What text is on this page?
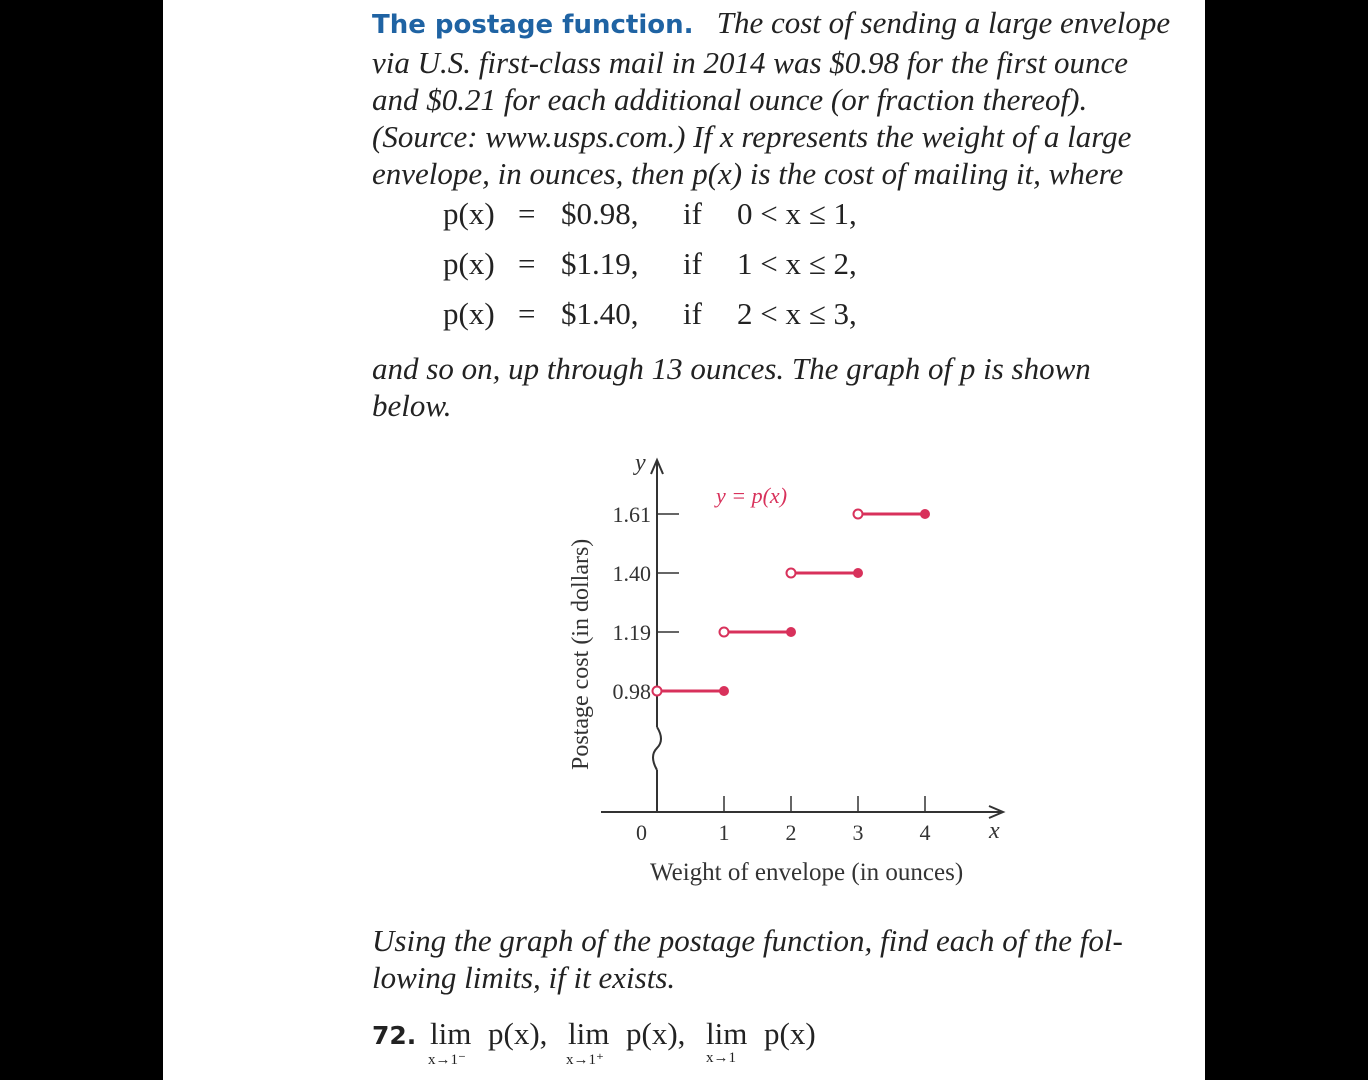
The postage function. The cost of sending a large envelope
via U.S. first-class mail in 2014 was $0.98 for the first ounce
and $0.21 for each additional ounce (or fraction thereof).
(Source: www.usps.com.) If x represents the weight of a large
envelope, in ounces, then p(x) is the cost of mailing it, where
p(x) = $0.98, if 0 < x ≤ 1,
p(x) = $1.19, if 1 < x ≤ 2,
p(x) = $1.40, if 2 < x ≤ 3,
and so on, up through 13 ounces. The graph of p is shown
below.
1	2	3	4
0.98
1.19
1.40
1.61
y
x
0
y = p(x)
Weight of envelope (in ounces)
Postage cost (in dollars)
Using the graph of the postage function, find each of the fol-
lowing limits, if it exists.
72. lim
x→1⁻
p(x), lim
x→1⁺
p(x), lim
x→1
p(x)
